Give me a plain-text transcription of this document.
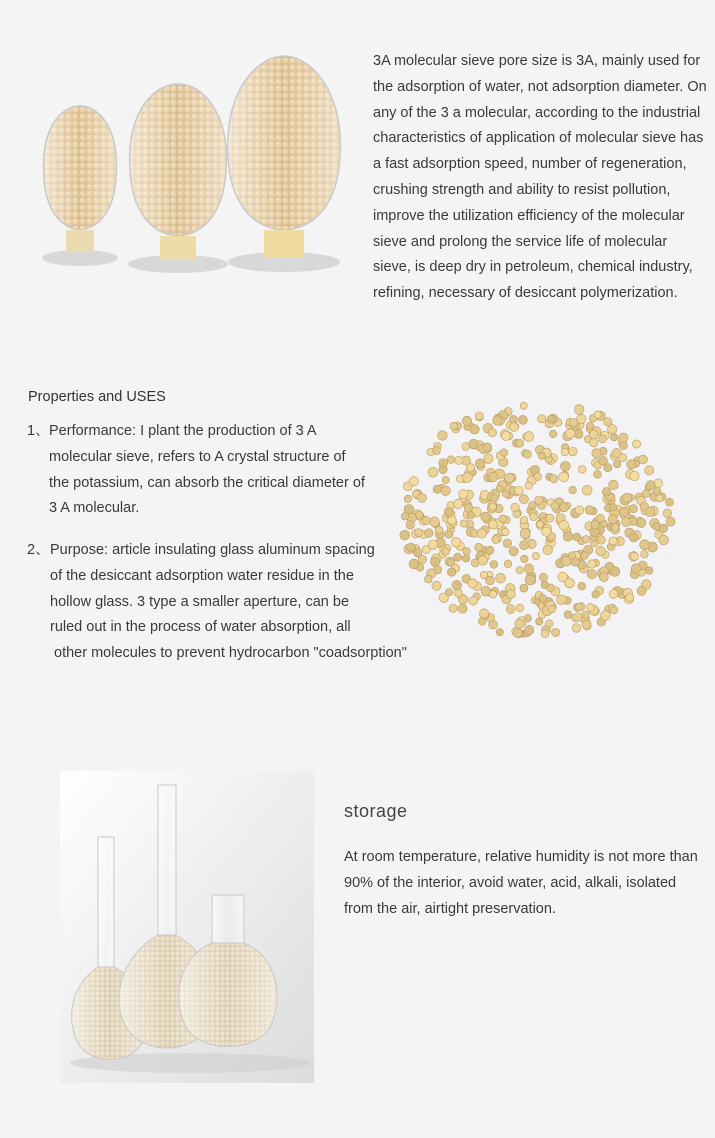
3A molecular sieve pore size is 3A, mainly used for the adsorption of water, not adsorption diameter. On any of the 3 a molecular, according to the industrial characteristics of application of molecular sieve has a fast adsorption speed, number of regeneration, crushing strength and ability to resist pollution, improve the utilization efficiency of the molecular sieve and prolong the service life of molecular sieve, is deep dry in petroleum, chemical industry, refining, necessary of desiccant polymerization.
Properties and USES
1、 Performance: I plant the production of 3 A
molecular sieve, refers to A crystal structure of
the potassium, can absorb the critical diameter of
3 A molecular.
2、 Purpose: article insulating glass aluminum spacing
of the desiccant adsorption water residue in the
hollow glass. 3 type a smaller aperture, can be
ruled out in the process of water absorption, all
other molecules to prevent hydrocarbon "coadsorption"
storage
At room temperature, relative humidity is not more than 90% of the interior, avoid water, acid, alkali, isolated from the air, airtight preservation.
